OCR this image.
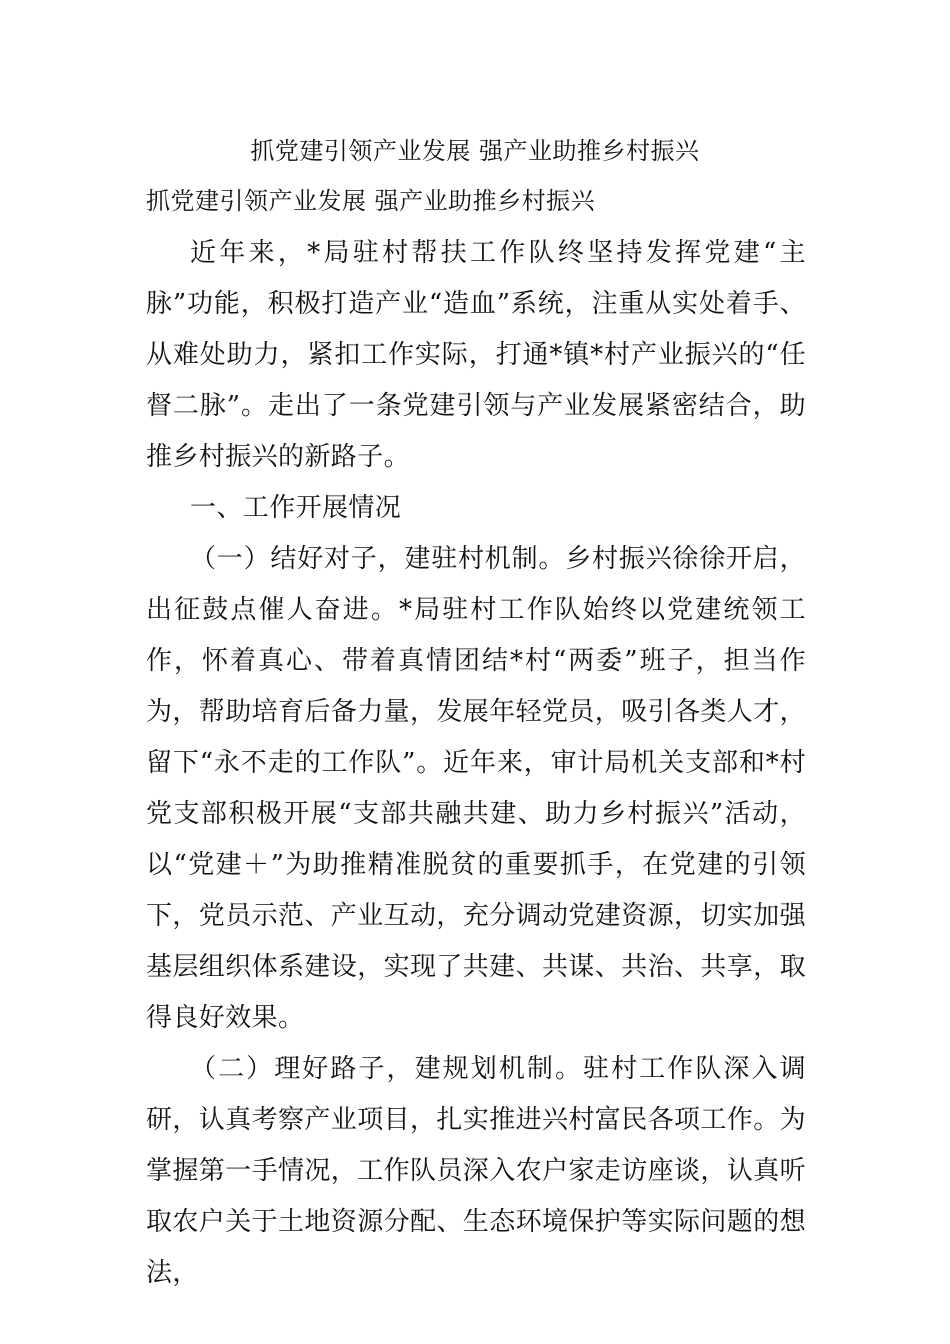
抓党建引领产业发展 强产业助推乡村振兴
抓党建引领产业发展 强产业助推乡村振兴

近年来，*局驻村帮扶工作队终坚持发挥党建“主脉”功能，积极打造产业“造血”系统，注重从实处着手、从难处助力，紧扣工作实际，打通*镇*村产业振兴的“任督二脉”。走出了一条党建引领与产业发展紧密结合，助推乡村振兴的新路子。

一、工作开展情况

（一）结好对子，建驻村机制。乡村振兴徐徐开启，出征鼓点催人奋进。*局驻村工作队始终以党建统领工作，怀着真心、带着真情团结*村“两委”班子，担当作为，帮助培育后备力量，发展年轻党员，吸引各类人才，留下“永不走的工作队”。近年来，审计局机关支部和*村党支部积极开展“支部共融共建、助力乡村振兴”活动，以“党建＋”为助推精准脱贫的重要抓手，在党建的引领下，党员示范、产业互动，充分调动党建资源，切实加强基层组织体系建设，实现了共建、共谋、共治、共享，取得良好效果。

（二）理好路子，建规划机制。驻村工作队深入调研，认真考察产业项目，扎实推进兴村富民各项工作。为掌握第一手情况，工作队员深入农户家走访座谈，认真听取农户关于土地资源分配、生态环境保护等实际问题的想法，
